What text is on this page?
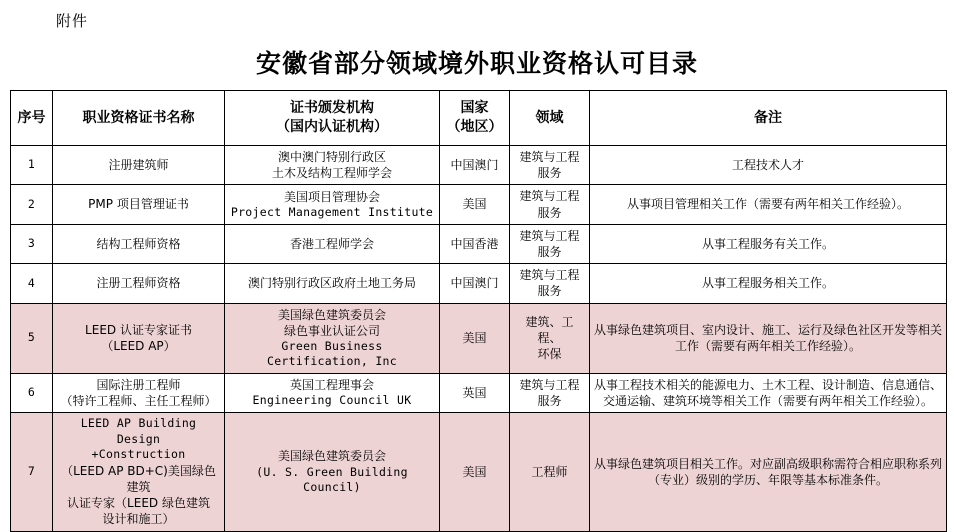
附件
安徽省部分领域境外职业资格认可目录
序号	职业资格证书名称	证书颁发机构
（国内认证机构）	国家
（地区）	领域	备注

1	注册建筑师	澳中澳门特别行政区
土木及结构工程师学会	中国澳门	建筑与工程
服务	工程技术人才

2	PMP 项目管理证书	美国项目管理协会
Project Management Institute	美国	建筑与工程
服务	从事项目管理相关工作（需要有两年相关工作经验）。

3	结构工程师资格	香港工程师学会	中国香港	建筑与工程
服务	从事工程服务有关工作。

4	注册工程师资格	澳门特别行政区政府土地工务局	中国澳门	建筑与工程
服务	从事工程服务相关工作。

5	LEED 认证专家证书
（LEED AP）	美国绿色建筑委员会
绿色事业认证公司
Green Business Certification, Inc	美国	建筑、工程、
环保	从事绿色建筑项目、室内设计、施工、运行及绿色社区开发等相关工作（需要有两年相关工作经验）。

6	国际注册工程师
（特许工程师、主任工程师）	英国工程理事会
Engineering Council UK	英国	建筑与工程
服务	从事工程技术相关的能源电力、土木工程、设计制造、信息通信、交通运输、建筑环境等相关工作（需要有两年相关工作经验）。

7	LEED AP Building Design
+Construction
（LEED AP BD+C)美国绿色建筑
认证专家（LEED 绿色建筑
设计和施工）	美国绿色建筑委员会
(U. S. Green Building Council)	美国	工程师	从事绿色建筑项目相关工作。对应副高级职称需符合相应职称系列（专业）级别的学历、年限等基本标准条件。
